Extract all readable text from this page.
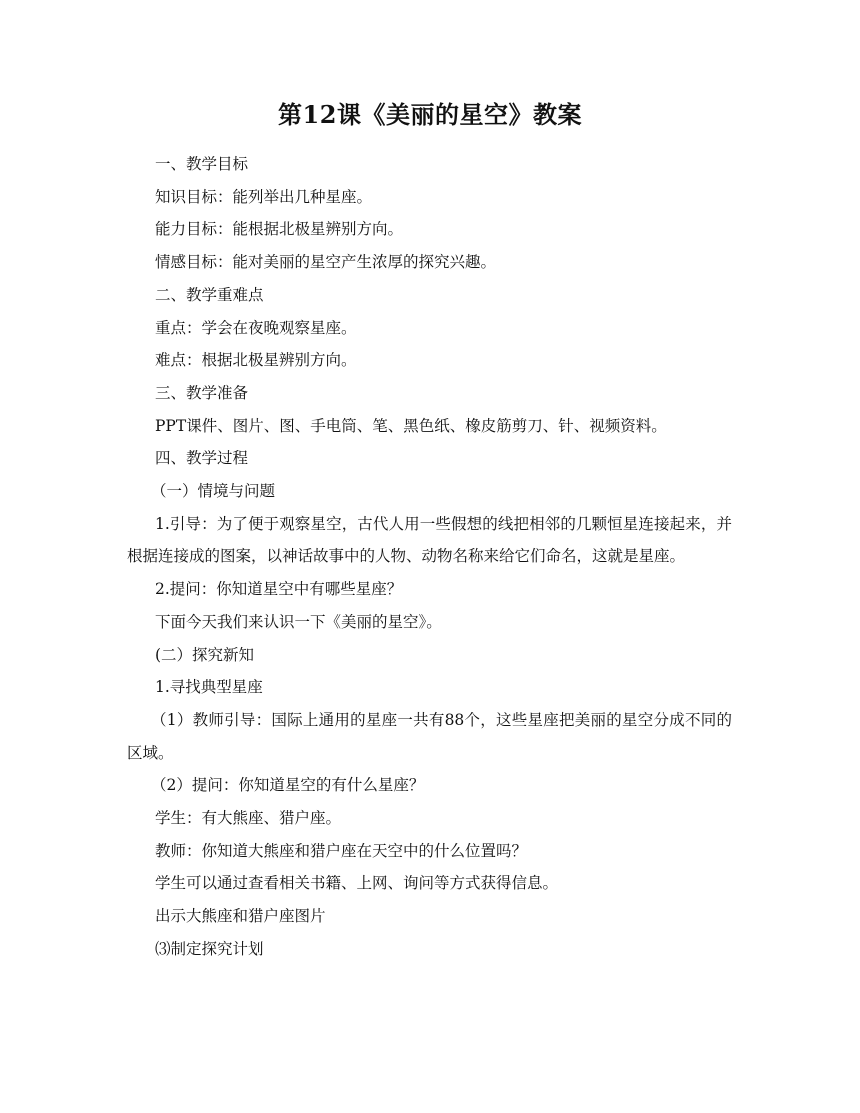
第12课《美丽的星空》教案

一、教学目标

知识目标：能列举出几种星座。

能力目标：能根据北极星辨别方向。

情感目标：能对美丽的星空产生浓厚的探究兴趣。

二、教学重难点

重点：学会在夜晚观察星座。

难点：根据北极星辨别方向。

三、教学准备

PPT课件、图片、图、手电筒、笔、黑色纸、橡皮筋剪刀、针、视频资料。

四、教学过程

（一）情境与问题

1.引导：为了便于观察星空，古代人用一些假想的线把相邻的几颗恒星连接起来，并根据连接成的图案，以神话故事中的人物、动物名称来给它们命名，这就是星座。

2.提问：你知道星空中有哪些星座？

下面今天我们来认识一下《美丽的星空》。

(二）探究新知

1.寻找典型星座

（1）教师引导：国际上通用的星座一共有88个，这些星座把美丽的星空分成不同的区域。

（2）提问：你知道星空的有什么星座？

学生：有大熊座、猎户座。

教师：你知道大熊座和猎户座在天空中的什么位置吗？

学生可以通过查看相关书籍、上网、询问等方式获得信息。

出示大熊座和猎户座图片

⑶制定探究计划
